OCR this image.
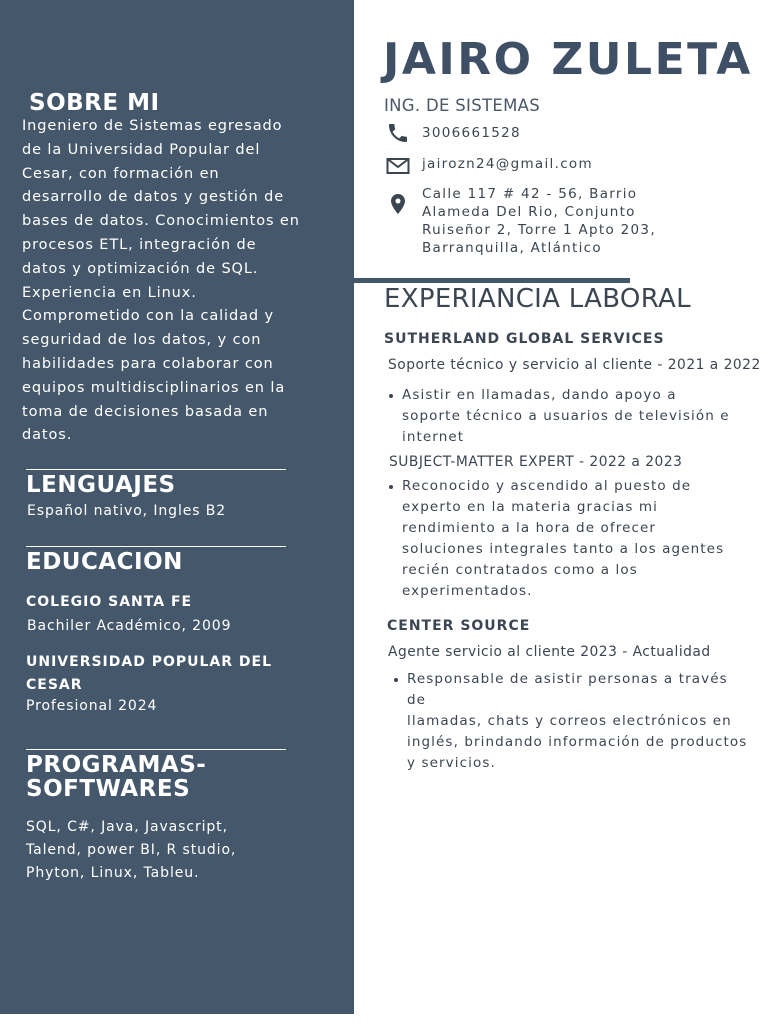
SOBRE MI
Ingeniero de Sistemas egresado
de la Universidad Popular del
Cesar, con formación en
desarrollo de datos y gestión de
bases de datos. Conocimientos en
procesos ETL, integración de
datos y optimización de SQL.
Experiencia en Linux.
Comprometido con la calidad y
seguridad de los datos, y con
habilidades para colaborar con
equipos multidisciplinarios en la
toma de decisiones basada en
datos.
LENGUAJES
Español nativo, Ingles B2
EDUCACION
COLEGIO SANTA FE
Bachiler Académico, 2009
UNIVERSIDAD POPULAR DEL
CESAR
Profesional 2024
PROGRAMAS-
SOFTWARES
SQL, C#, Java, Javascript,
Talend, power BI, R studio,
Phyton, Linux, Tableu.
JAIRO ZULETA
ING. DE SISTEMAS
3006661528
jairozn24@gmail.com
Calle 117 # 42 - 56, Barrio
Alameda Del Rio, Conjunto
Ruiseñor 2, Torre 1 Apto 203,
Barranquilla, Atlántico
EXPERIANCIA LABORAL
SUTHERLAND GLOBAL SERVICES
Soporte técnico y servicio al cliente - 2021 a 2022
Asistir en llamadas, dando apoyo a
soporte técnico a usuarios de televisión e
internet
SUBJECT-MATTER EXPERT - 2022 a 2023
Reconocido y ascendido al puesto de
experto en la materia gracias mi
rendimiento a la hora de ofrecer
soluciones integrales tanto a los agentes
recién contratados como a los
experimentados.
CENTER SOURCE
Agente servicio al cliente 2023 - Actualidad
Responsable de asistir personas a través de
llamadas, chats y correos electrónicos en
inglés, brindando información de productos
y servicios.
